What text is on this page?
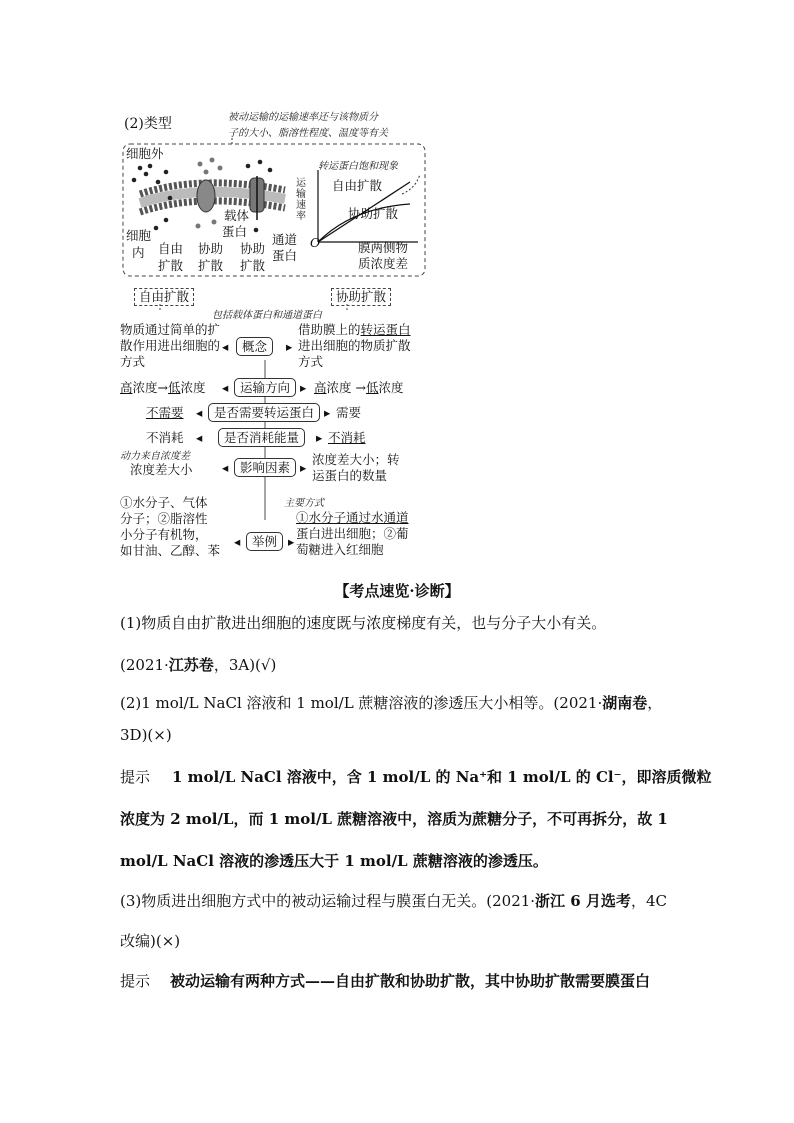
(2)类型	被动运输的运输速率还与该物质分
子的大小、脂溶性程度、温度等有关
细胞外
细胞
内 自由
扩散
协助
扩散
载体
蛋白
协助
扩散
通道
蛋白
转运蛋白饱和现象
运输速率
O
自由扩散
协助扩散
膜两侧物
质浓度差
自由扩散	协助扩散
包括载体蛋白和通道蛋白
物质通过简单的扩
散作用进出细胞的
方式
◂	概念	▸
借助膜上的转运蛋白
进出细胞的物质扩散
方式
高浓度→低浓度 ◂ 运输方向 ▸ 高浓度 →低浓度
不需要 ◂ 是否需要转运蛋白 ▸ 需要
不消耗 ◂	是否消耗能量	▸ 不消耗
动力来自浓度差
浓度差大小 ◂ 影响因素 ▸
浓度差大小；转
运蛋白的数量
①水分子、气体
分子；②脂溶性
小分子有机物，
如甘油、乙醇、苯
◂ 举例 ▸
主要方式
①水分子通过水通道
蛋白进出细胞；②葡
萄糖进入红细胞
【考点速览·诊断】
(1)物质自由扩散进出细胞的速度既与浓度梯度有关，也与分子大小有关。
(2021·江苏卷，3A)(√)
(2)1 mol/L NaCl 溶液和 1 mol/L 蔗糖溶液的渗透压大小相等。(2021·湖南卷，
3D)(×)
提示 1 mol/L NaCl 溶液中，含 1 mol/L 的 Na⁺和 1 mol/L 的 Cl⁻，即溶质微粒
浓度为 2 mol/L，而 1 mol/L 蔗糖溶液中，溶质为蔗糖分子，不可再拆分，故 1
mol/L NaCl 溶液的渗透压大于 1 mol/L 蔗糖溶液的渗透压。
(3)物质进出细胞方式中的被动运输过程与膜蛋白无关。(2021·浙江 6 月选考，4C
改编)(×)
提示 被动运输有两种方式——自由扩散和协助扩散，其中协助扩散需要膜蛋白
